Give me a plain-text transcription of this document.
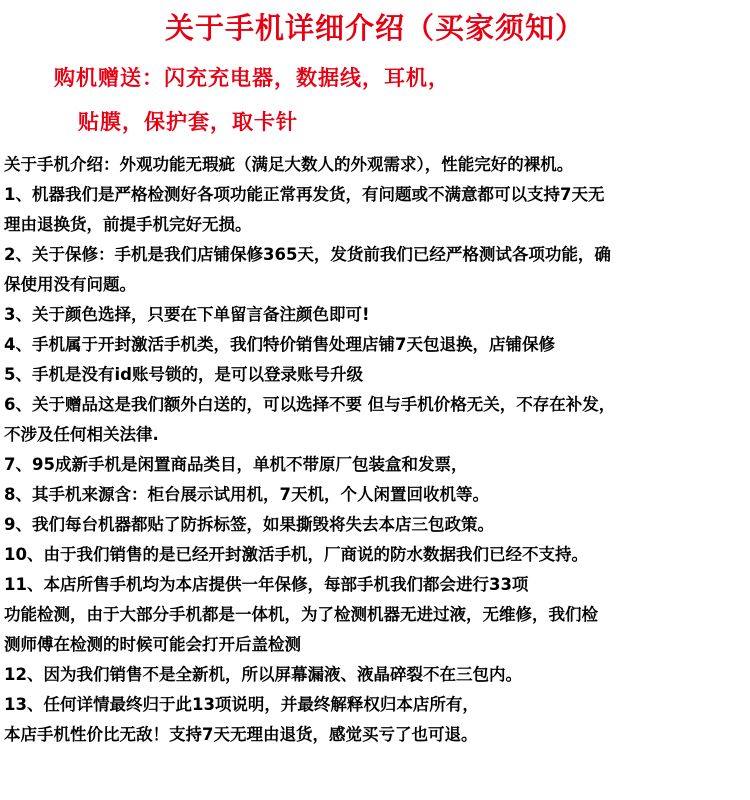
关于手机详细介绍（买家须知）
购机赠送：闪充充电器，数据线，耳机，
贴膜，保护套，取卡针
关于手机介绍：外观功能无瑕疵（满足大数人的外观需求），性能完好的裸机。
1、机器我们是严格检测好各项功能正常再发货，有问题或不满意都可以支持7天无
理由退换货，前提手机完好无损。
2、关于保修：手机是我们店铺保修365天，发货前我们已经严格测试各项功能，确
保使用没有问题。
3、关于颜色选择，只要在下单留言备注颜色即可!
4、手机属于开封激活手机类，我们特价销售处理店铺7天包退换，店铺保修
5、手机是没有id账号锁的，是可以登录账号升级
6、关于赠品这是我们额外白送的，可以选择不要 但与手机价格无关，不存在补发，
不涉及任何相关法律.
7、95成新手机是闲置商品类目，单机不带原厂包装盒和发票，
8、其手机来源含：柜台展示试用机，7天机，个人闲置回收机等。
9、我们每台机器都贴了防拆标签，如果撕毁将失去本店三包政策。
10、由于我们销售的是已经开封激活手机，厂商说的防水数据我们已经不支持。
11、本店所售手机均为本店提供一年保修，每部手机我们都会进行33项
功能检测，由于大部分手机都是一体机，为了检测机器无进过液，无维修，我们检
测师傅在检测的时候可能会打开后盖检测
12、因为我们销售不是全新机，所以屏幕漏液、液晶碎裂不在三包内。
13、任何详情最终归于此13项说明，并最终解释权归本店所有，
本店手机性价比无敌！支持7天无理由退货，感觉买亏了也可退。
